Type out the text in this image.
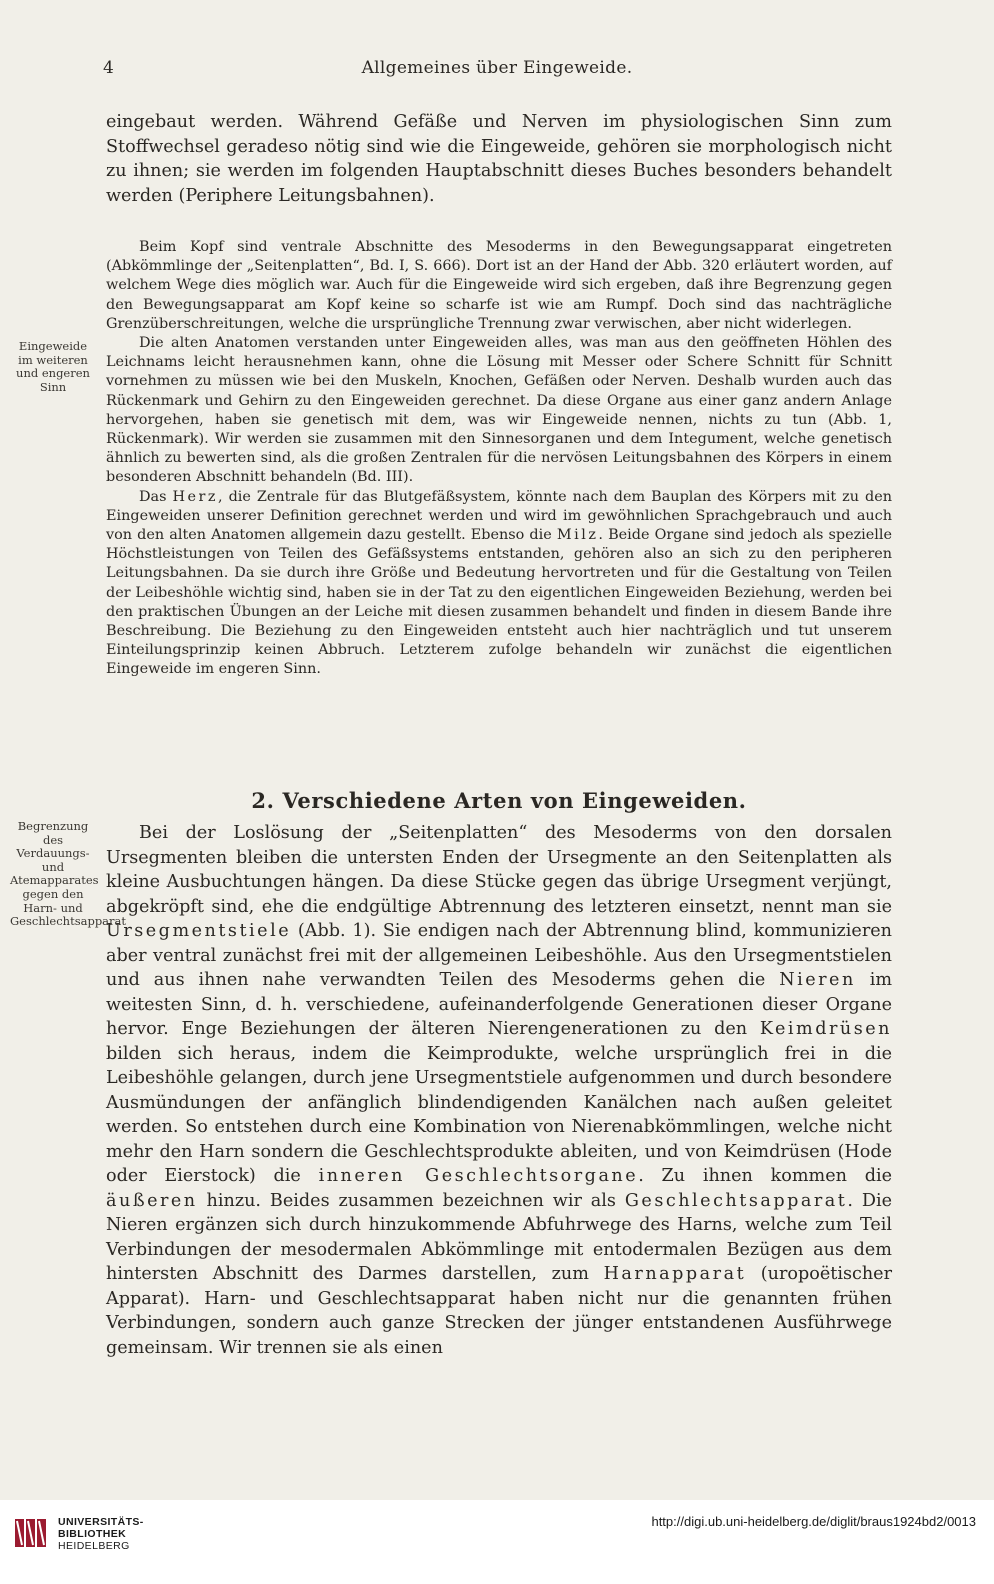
4	Allgemeines über Eingeweide.

eingebaut werden. Während Gefäße und Nerven im physiologischen Sinn zum Stoffwechsel geradeso nötig sind wie die Eingeweide, gehören sie morphologisch nicht zu ihnen; sie werden im folgenden Hauptabschnitt dieses Buches besonders behandelt werden (Periphere Leitungsbahnen).

Beim Kopf sind ventrale Abschnitte des Mesoderms in den Bewegungsapparat eingetreten (Abkömmlinge der „Seitenplatten“, Bd. I, S. 666). Dort ist an der Hand der Abb. 320 erläutert worden, auf welchem Wege dies möglich war. Auch für die Eingeweide wird sich ergeben, daß ihre Begrenzung gegen den Bewegungsapparat am Kopf keine so scharfe ist wie am Rumpf. Doch sind das nachträgliche Grenzüberschreitungen, welche die ursprüngliche Trennung zwar verwischen, aber nicht widerlegen.

Die alten Anatomen verstanden unter Eingeweiden alles, was man aus den geöffneten Höhlen des Leichnams leicht herausnehmen kann, ohne die Lösung mit Messer oder Schere Schnitt für Schnitt vornehmen zu müssen wie bei den Muskeln, Knochen, Gefäßen oder Nerven. Deshalb wurden auch das Rückenmark und Gehirn zu den Eingeweiden gerechnet. Da diese Organe aus einer ganz andern Anlage hervorgehen, haben sie genetisch mit dem, was wir Eingeweide nennen, nichts zu tun (Abb. 1, Rückenmark). Wir werden sie zusammen mit den Sinnesorganen und dem Integument, welche genetisch ähnlich zu bewerten sind, als die großen Zentralen für die nervösen Leitungsbahnen des Körpers in einem besonderen Abschnitt behandeln (Bd. III).

Das Herz, die Zentrale für das Blutgefäßsystem, könnte nach dem Bauplan des Körpers mit zu den Eingeweiden unserer Definition gerechnet werden und wird im gewöhnlichen Sprachgebrauch und auch von den alten Anatomen allgemein dazu gestellt. Ebenso die Milz. Beide Organe sind jedoch als spezielle Höchstleistungen von Teilen des Gefäßsystems entstanden, gehören also an sich zu den peripheren Leitungsbahnen. Da sie durch ihre Größe und Bedeutung hervortreten und für die Gestaltung von Teilen der Leibeshöhle wichtig sind, haben sie in der Tat zu den eigentlichen Eingeweiden Beziehung, werden bei den praktischen Übungen an der Leiche mit diesen zusammen behandelt und finden in diesem Bande ihre Beschreibung. Die Beziehung zu den Eingeweiden entsteht auch hier nachträglich und tut unserem Einteilungsprinzip keinen Abbruch. Letzterem zufolge behandeln wir zunächst die eigentlichen Eingeweide im engeren Sinn.

2. Verschiedene Arten von Eingeweiden.

Bei der Loslösung der „Seitenplatten“ des Mesoderms von den dorsalen Ursegmenten bleiben die untersten Enden der Ursegmente an den Seitenplatten als kleine Ausbuchtungen hängen. Da diese Stücke gegen das übrige Ursegment verjüngt, abgekröpft sind, ehe die endgültige Abtrennung des letzteren einsetzt, nennt man sie Ursegmentstiele (Abb. 1). Sie endigen nach der Abtrennung blind, kommunizieren aber ventral zunächst frei mit der allgemeinen Leibeshöhle. Aus den Ursegmentstielen und aus ihnen nahe verwandten Teilen des Mesoderms gehen die Nieren im weitesten Sinn, d. h. verschiedene, aufeinanderfolgende Generationen dieser Organe hervor. Enge Beziehungen der älteren Nierengenerationen zu den Keimdrüsen bilden sich heraus, indem die Keimprodukte, welche ursprünglich frei in die Leibeshöhle gelangen, durch jene Ursegmentstiele aufgenommen und durch besondere Ausmündungen der anfänglich blindendigenden Kanälchen nach außen geleitet werden. So entstehen durch eine Kombination von Nierenabkömmlingen, welche nicht mehr den Harn sondern die Geschlechtsprodukte ableiten, und von Keimdrüsen (Hode oder Eierstock) die inneren Geschlechtsorgane. Zu ihnen kommen die äußeren hinzu. Beides zusammen bezeichnen wir als Geschlechtsapparat. Die Nieren ergänzen sich durch hinzukommende Abfuhrwege des Harns, welche zum Teil Verbindungen der mesodermalen Abkömmlinge mit entodermalen Bezügen aus dem hintersten Abschnitt des Darmes darstellen, zum Harnapparat (uropoëtischer Apparat). Harn- und Geschlechtsapparat haben nicht nur die genannten frühen Verbindungen, sondern auch ganze Strecken der jünger entstandenen Ausführwege gemeinsam. Wir trennen sie als einen

Eingeweide im weiteren und engeren Sinn
Begrenzung des Verdauungs- und Atemapparates gegen den Harn- und Geschlechtsapparat
UNIVERSITÄTS-
BIBLIOTHEK
HEIDELBERG
http://digi.ub.uni-heidelberg.de/diglit/braus1924bd2/0013
